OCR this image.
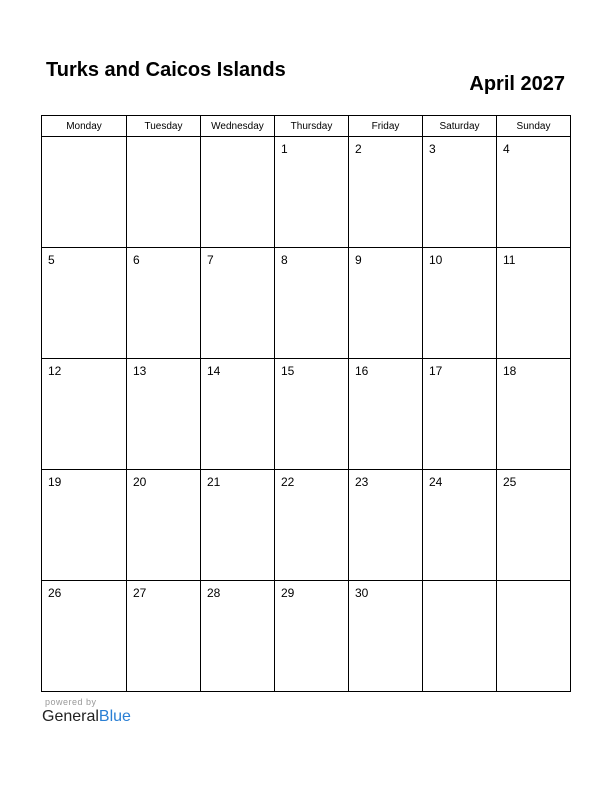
Turks and Caicos Islands
April 2027
Monday	Tuesday	Wednesday	Thursday	Friday	Saturday	Sunday

			1	2	3	4

5	6	7	8	9	10	11

12	13	14	15	16	17	18

19	20	21	22	23	24	25

26	27	28	29	30		

powered by
GeneralBlue
